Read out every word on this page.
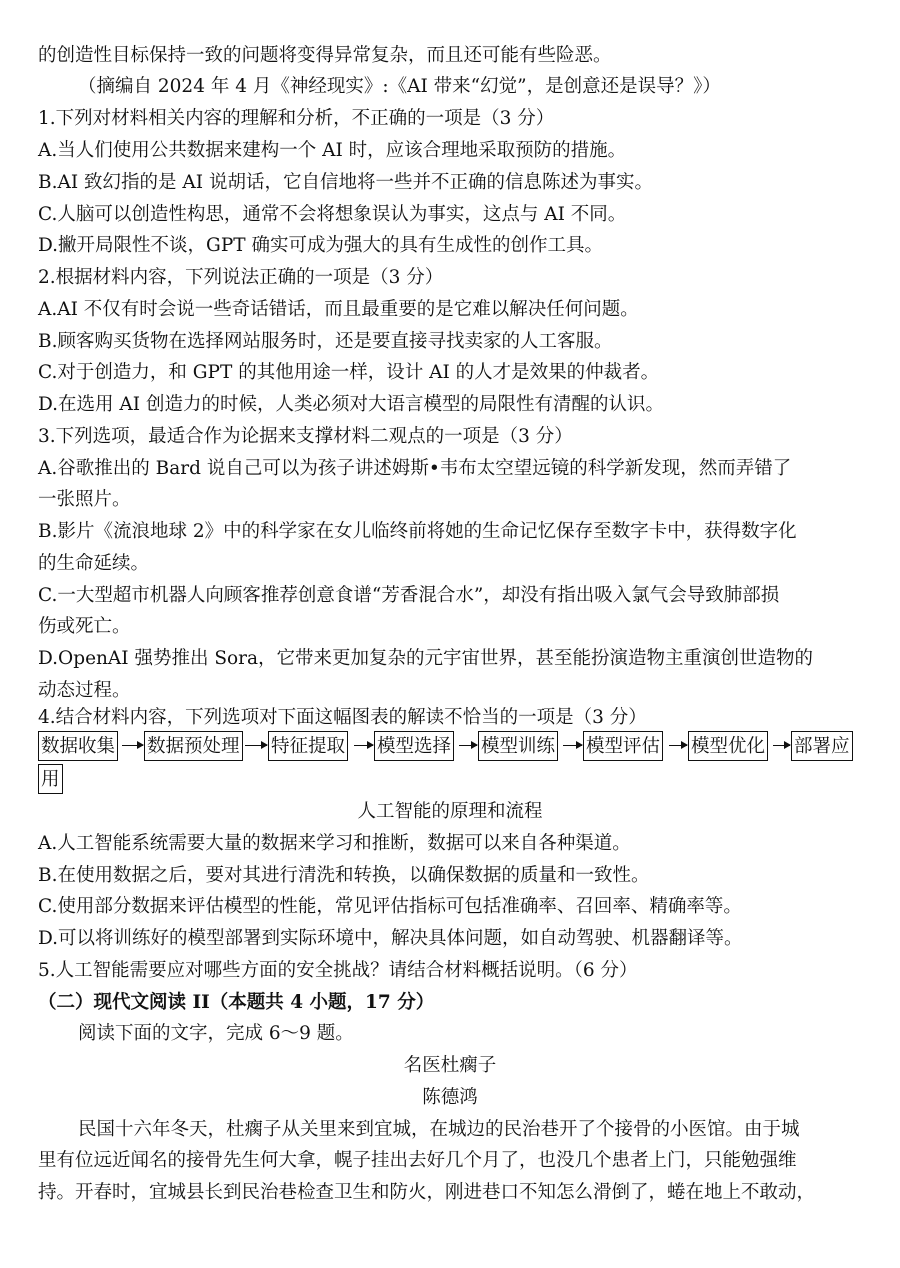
的创造性目标保持一致的问题将变得异常复杂，而且还可能有些险恶。
（摘编自 2024 年 4 月《神经现实》:《AI 带来“幻觉”，是创意还是误导？》）
1.下列对材料相关内容的理解和分析，不正确的一项是（3 分）
A.当人们使用公共数据来建构一个 AI 时，应该合理地采取预防的措施。
B.AI 致幻指的是 AI 说胡话，它自信地将一些并不正确的信息陈述为事实。
C.人脑可以创造性构思，通常不会将想象误认为事实，这点与 AI 不同。
D.撇开局限性不谈，GPT 确实可成为强大的具有生成性的创作工具。
2.根据材料内容，下列说法正确的一项是（3 分）
A.AI 不仅有时会说一些奇话错话，而且最重要的是它难以解决任何问题。
B.顾客购买货物在选择网站服务时，还是要直接寻找卖家的人工客服。
C.对于创造力，和 GPT 的其他用途一样，设计 AI 的人才是效果的仲裁者。
D.在选用 AI 创造力的时候，人类必须对大语言模型的局限性有清醒的认识。
3.下列选项，最适合作为论据来支撑材料二观点的一项是（3 分）
A.谷歌推出的 Bard 说自己可以为孩子讲述姆斯•韦布太空望远镜的科学新发现，然而弄错了
一张照片。
B.影片《流浪地球 2》中的科学家在女儿临终前将她的生命记忆保存至数字卡中，获得数字化
的生命延续。
C.一大型超市机器人向顾客推荐创意食谱“芳香混合水”，却没有指出吸入氯气会导致肺部损
伤或死亡。
D.OpenAI 强势推出 Sora，它带来更加复杂的元宇宙世界，甚至能扮演造物主重演创世造物的
动态过程。
4.结合材料内容，下列选项对下面这幅图表的解读不恰当的一项是（3 分）
数据收集 数据预处理 特征提取 模型选择 模型训练 模型评估 模型优化 部署应
用
人工智能的原理和流程
A.人工智能系统需要大量的数据来学习和推断，数据可以来自各种渠道。
B.在使用数据之后，要对其进行清洗和转换，以确保数据的质量和一致性。
C.使用部分数据来评估模型的性能，常见评估指标可包括准确率、召回率、精确率等。
D.可以将训练好的模型部署到实际环境中，解决具体问题，如自动驾驶、机器翻译等。
5.人工智能需要应对哪些方面的安全挑战？请结合材料概括说明。（6 分）
（二）现代文阅读 II（本题共 4 小题，17 分）
阅读下面的文字，完成 6～9 题。
名医杜瘸子
陈德鸿
民国十六年冬天，杜瘸子从关里来到宜城，在城边的民治巷开了个接骨的小医馆。由于城
里有位远近闻名的接骨先生何大拿，幌子挂出去好几个月了，也没几个患者上门，只能勉强维
持。开春时，宜城县长到民治巷检查卫生和防火，刚进巷口不知怎么滑倒了，蜷在地上不敢动，
